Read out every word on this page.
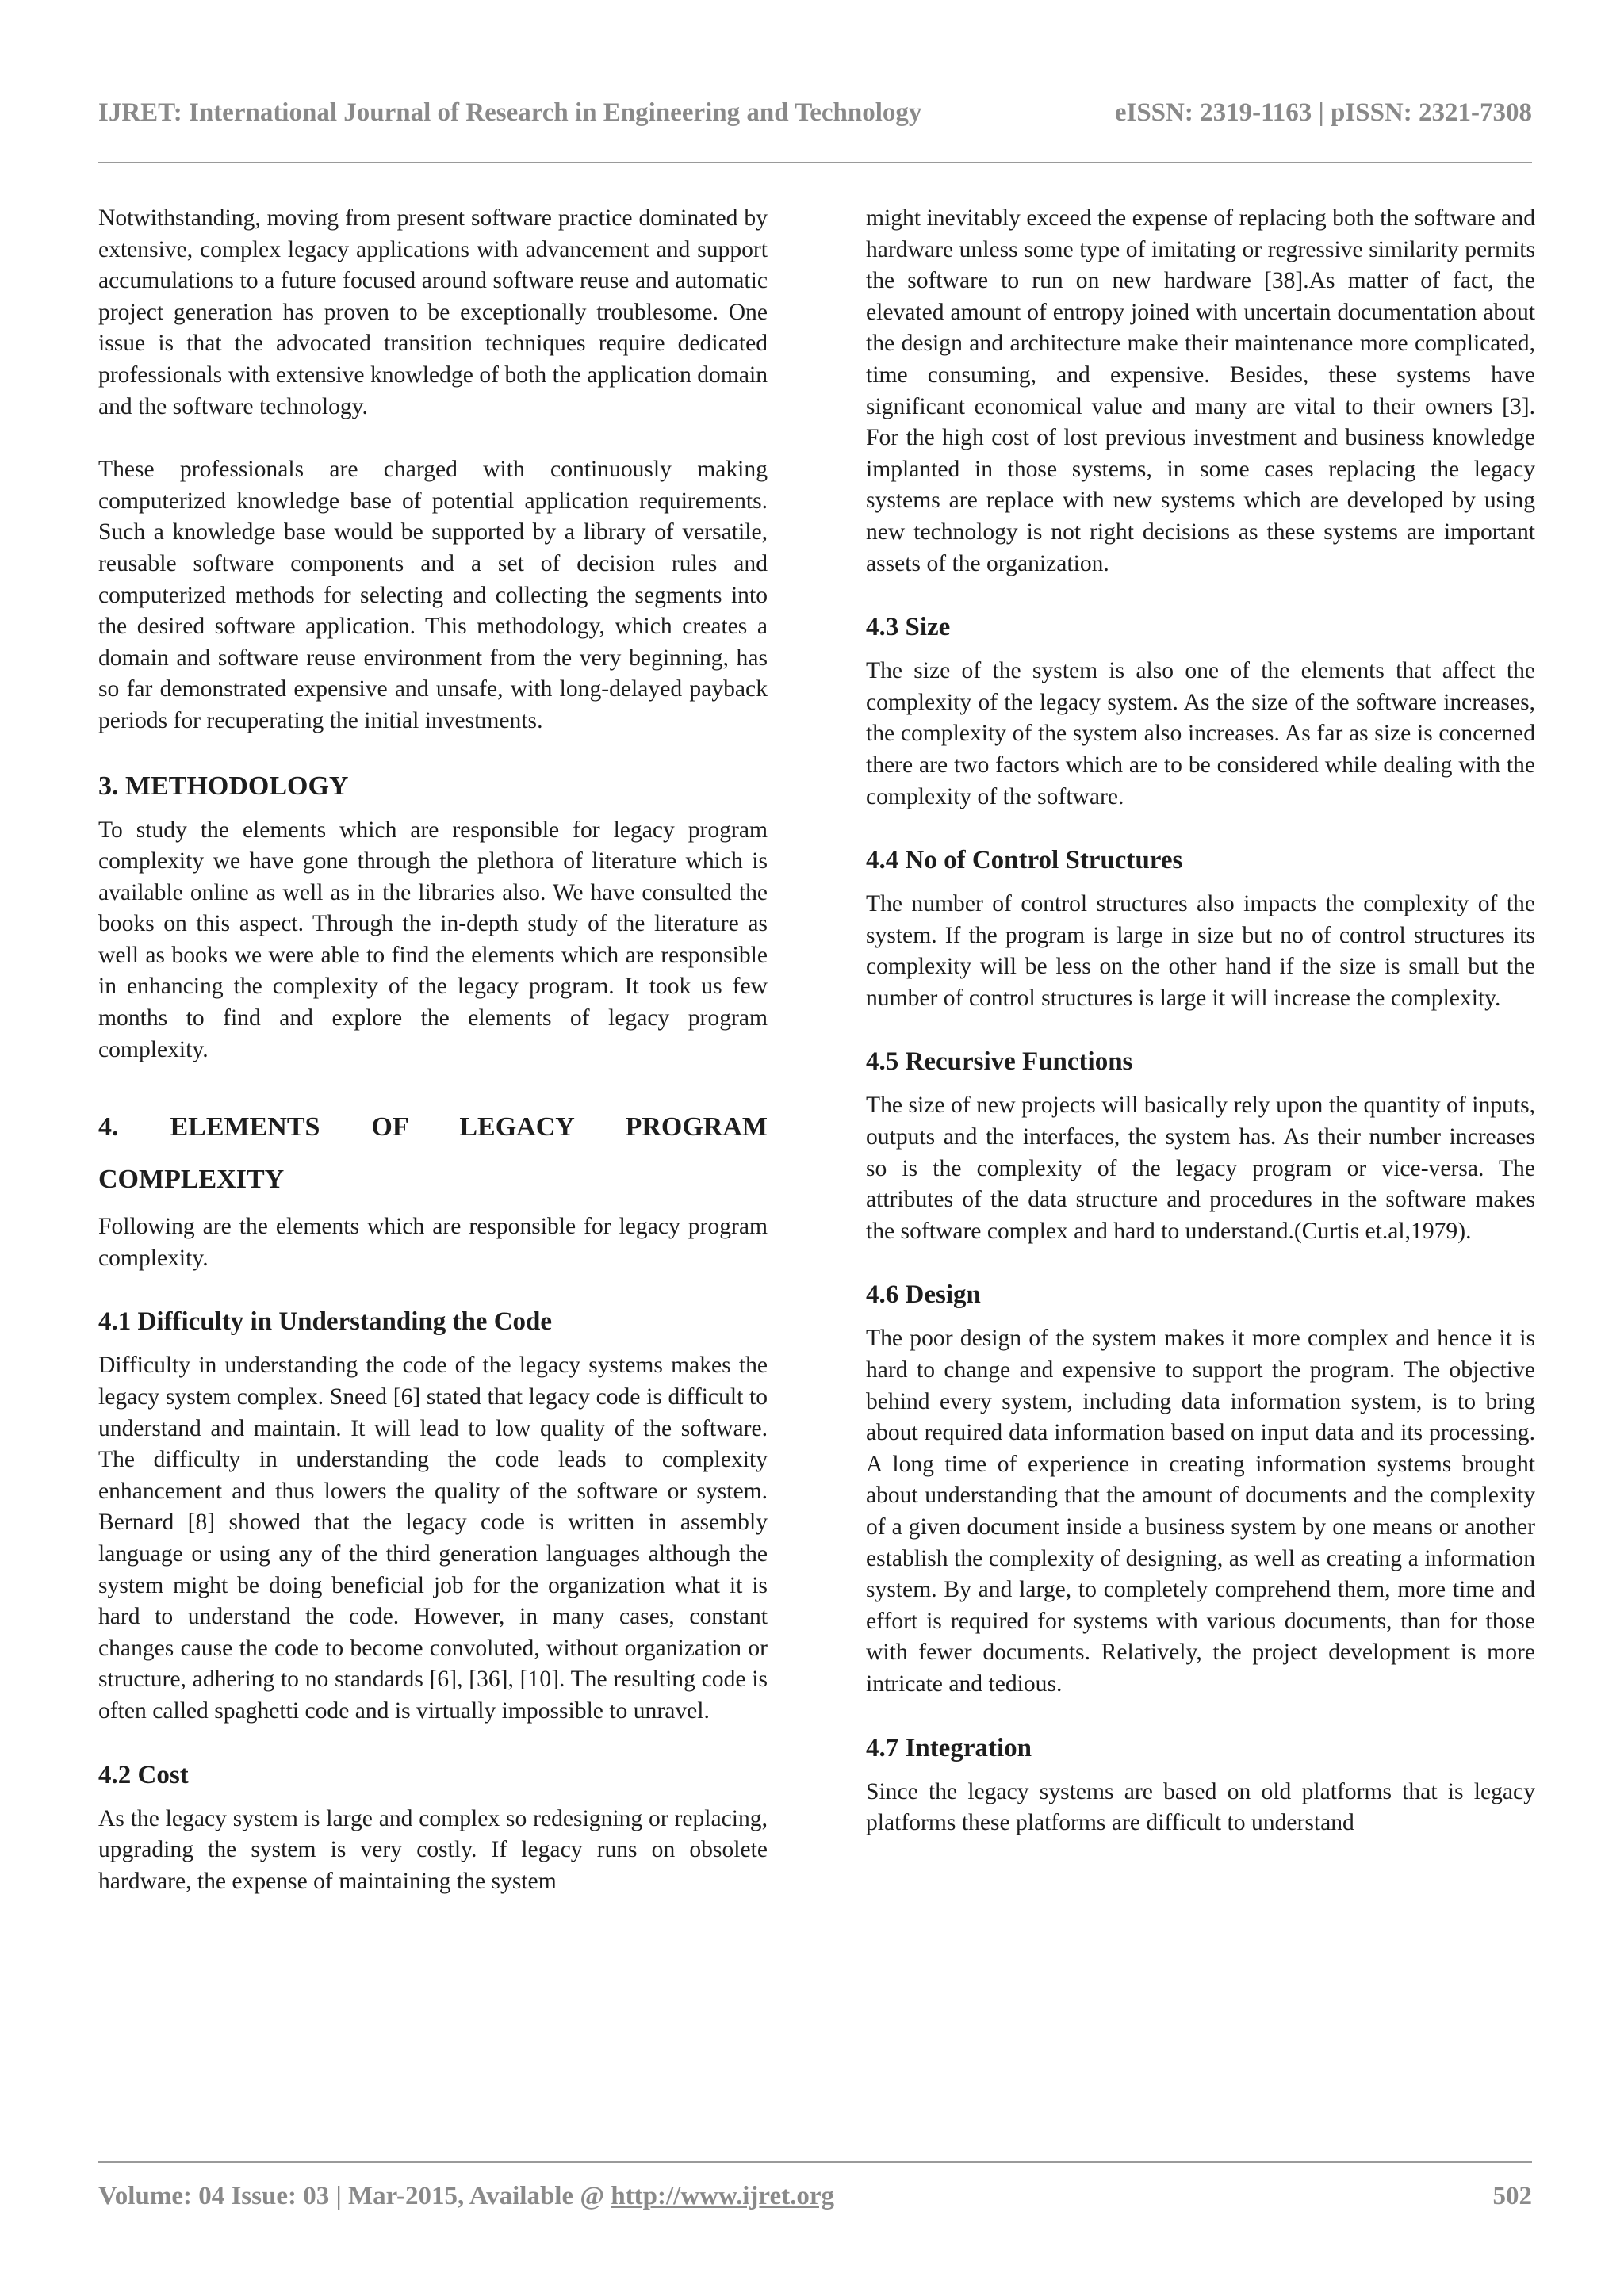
IJRET: International Journal of Research in Engineering and Technology	eISSN: 2319-1163 | pISSN: 2321-7308

Notwithstanding, moving from present software practice dominated by extensive, complex legacy applications with advancement and support accumulations to a future focused around software reuse and automatic project generation has proven to be exceptionally troublesome. One issue is that the advocated transition techniques require dedicated professionals with extensive knowledge of both the application domain and the software technology.

These professionals are charged with continuously making computerized knowledge base of potential application requirements. Such a knowledge base would be supported by a library of versatile, reusable software components and a set of decision rules and computerized methods for selecting and collecting the segments into the desired software application. This methodology, which creates a domain and software reuse environment from the very beginning, has so far demonstrated expensive and unsafe, with long-delayed payback periods for recuperating the initial investments.

3. METHODOLOGY

To study the elements which are responsible for legacy program complexity we have gone through the plethora of literature which is available online as well as in the libraries also. We have consulted the books on this aspect. Through the in-depth study of the literature as well as books we were able to find the elements which are responsible in enhancing the complexity of the legacy program. It took us few months to find and explore the elements of legacy program complexity.

4. ELEMENTS OF LEGACY PROGRAM
COMPLEXITY

Following are the elements which are responsible for legacy program complexity.

4.1 Difficulty in Understanding the Code

Difficulty in understanding the code of the legacy systems makes the legacy system complex. Sneed [6] stated that legacy code is difficult to understand and maintain. It will lead to low quality of the software. The difficulty in understanding the code leads to complexity enhancement and thus lowers the quality of the software or system. Bernard [8] showed that the legacy code is written in assembly language or using any of the third generation languages although the system might be doing beneficial job for the organization what it is hard to understand the code. However, in many cases, constant changes cause the code to become convoluted, without organization or structure, adhering to no standards [6], [36], [10]. The resulting code is often called spaghetti code and is virtually impossible to unravel.

4.2 Cost

As the legacy system is large and complex so redesigning or replacing, upgrading the system is very costly. If legacy runs on obsolete hardware, the expense of maintaining the system

might inevitably exceed the expense of replacing both the software and hardware unless some type of imitating or regressive similarity permits the software to run on new hardware [38].As matter of fact, the elevated amount of entropy joined with uncertain documentation about the design and architecture make their maintenance more complicated, time consuming, and expensive. Besides, these systems have significant economical value and many are vital to their owners [3]. For the high cost of lost previous investment and business knowledge implanted in those systems, in some cases replacing the legacy systems are replace with new systems which are developed by using new technology is not right decisions as these systems are important assets of the organization.

4.3 Size

The size of the system is also one of the elements that affect the complexity of the legacy system. As the size of the software increases, the complexity of the system also increases. As far as size is concerned there are two factors which are to be considered while dealing with the complexity of the software.

4.4 No of Control Structures

The number of control structures also impacts the complexity of the system. If the program is large in size but no of control structures its complexity will be less on the other hand if the size is small but the number of control structures is large it will increase the complexity.

4.5 Recursive Functions

The size of new projects will basically rely upon the quantity of inputs, outputs and the interfaces, the system has. As their number increases so is the complexity of the legacy program or vice-versa. The attributes of the data structure and procedures in the software makes the software complex and hard to understand.(Curtis et.al,1979).

4.6 Design

The poor design of the system makes it more complex and hence it is hard to change and expensive to support the program. The objective behind every system, including data information system, is to bring about required data information based on input data and its processing. A long time of experience in creating information systems brought about understanding that the amount of documents and the complexity of a given document inside a business system by one means or another establish the complexity of designing, as well as creating a information system. By and large, to completely comprehend them, more time and effort is required for systems with various documents, than for those with fewer documents. Relatively, the project development is more intricate and tedious.

4.7 Integration

Since the legacy systems are based on old platforms that is legacy platforms these platforms are difficult to understand

Volume: 04 Issue: 03 | Mar-2015, Available @ http://www.ijret.org	502
